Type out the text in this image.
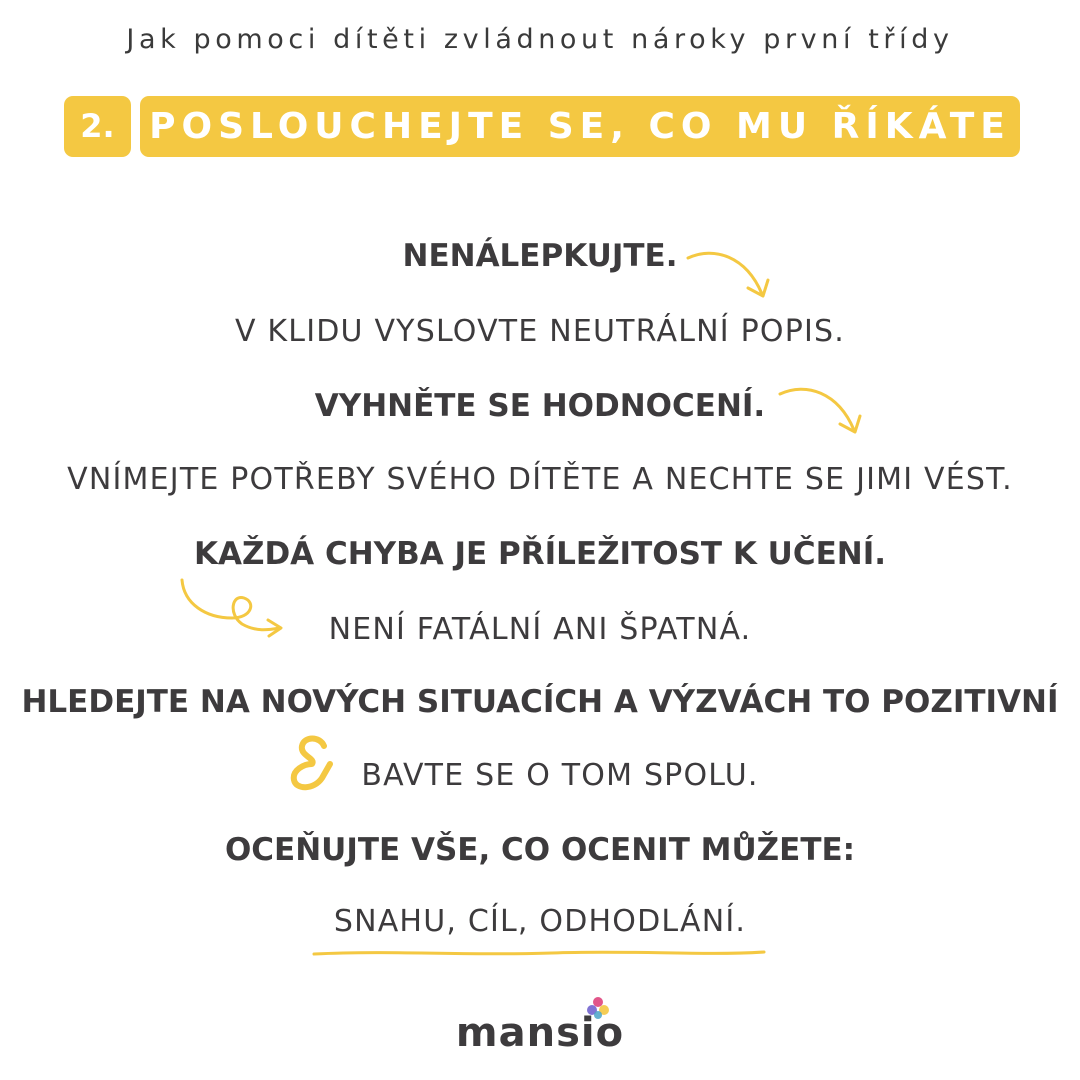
Jak pomoci dítěti zvládnout nároky první třídy
2. POSLOUCHEJTE SE, CO MU ŘÍKÁTE
NENÁLEPKUJTE.
V KLIDU VYSLOVTE NEUTRÁLNÍ POPIS.
VYHNĚTE SE HODNOCENÍ.
VNÍMEJTE POTŘEBY SVÉHO DÍTĚTE A NECHTE SE JIMI VÉST.
KAŽDÁ CHYBA JE PŘÍLEŽITOST K UČENÍ.
NENÍ FATÁLNÍ ANI ŠPATNÁ.
HLEDEJTE NA NOVÝCH SITUACÍCH A VÝZVÁCH TO POZITIVNÍ
BAVTE SE O TOM SPOLU.
OCEŇUJTE VŠE, CO OCENIT MŮŽETE:
SNAHU, CÍL, ODHODLÁNÍ.
mansio
